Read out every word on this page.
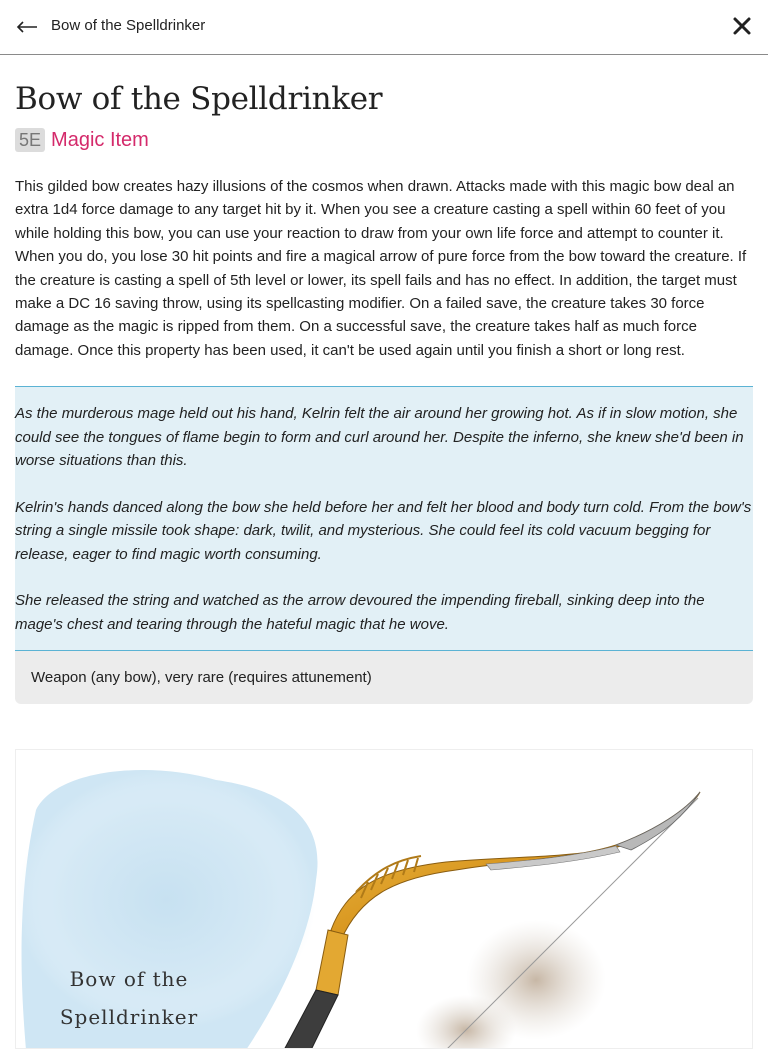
Bow of the Spelldrinker
Bow of the Spelldrinker
5E Magic Item

This gilded bow creates hazy illusions of the cosmos when drawn. Attacks made with this magic bow deal an extra 1d4 force damage to any target hit by it. When you see a creature casting a spell within 60 feet of you while holding this bow, you can use your reaction to draw from your own life force and attempt to counter it. When you do, you lose 30 hit points and fire a magical arrow of pure force from the bow toward the creature. If the creature is casting a spell of 5th level or lower, its spell fails and has no effect. In addition, the target must make a DC 16 saving throw, using its spellcasting modifier. On a failed save, the creature takes 30 force damage as the magic is ripped from them. On a successful save, the creature takes half as much force damage. Once this property has been used, it can't be used again until you finish a short or long rest.

As the murderous mage held out his hand, Kelrin felt the air around her growing hot. As if in slow motion, she could see the tongues of flame begin to form and curl around her. Despite the inferno, she knew she'd been in worse situations than this.

Kelrin's hands danced along the bow she held before her and felt her blood and body turn cold. From the bow's string a single missile took shape: dark, twilit, and mysterious. She could feel its cold vacuum begging for release, eager to find magic worth consuming.

She released the string and watched as the arrow devoured the impending fireball, sinking deep into the mage's chest and tearing through the hateful magic that he wove.

Weapon (any bow), very rare (requires attunement)
Bow of the
Spelldrinker
